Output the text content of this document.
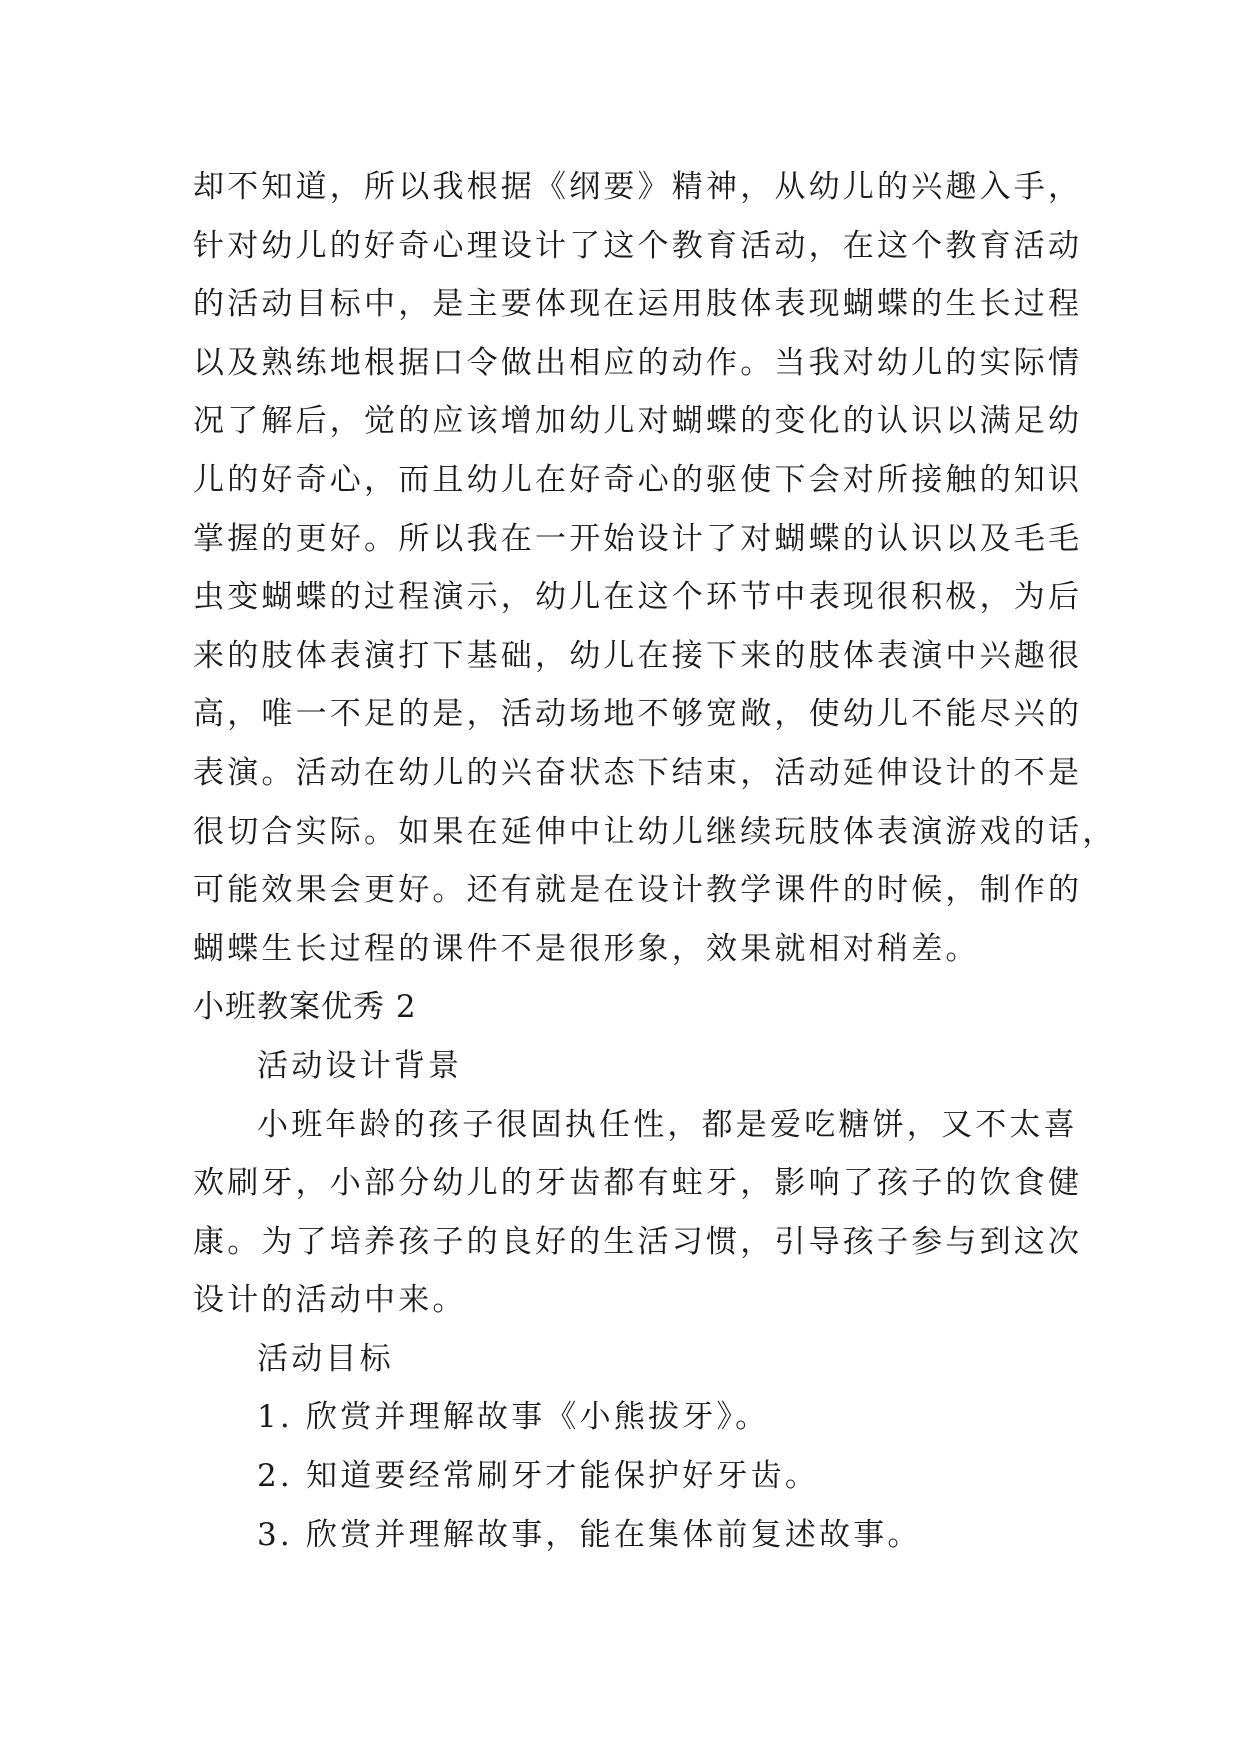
却不知道，所以我根据《纲要》精神，从幼儿的兴趣入手，
针对幼儿的好奇心理设计了这个教育活动，在这个教育活动
的活动目标中，是主要体现在运用肢体表现蝴蝶的生长过程
以及熟练地根据口令做出相应的动作。当我对幼儿的实际情
况了解后，觉的应该增加幼儿对蝴蝶的变化的认识以满足幼
儿的好奇心，而且幼儿在好奇心的驱使下会对所接触的知识
掌握的更好。所以我在一开始设计了对蝴蝶的认识以及毛毛
虫变蝴蝶的过程演示，幼儿在这个环节中表现很积极，为后
来的肢体表演打下基础，幼儿在接下来的肢体表演中兴趣很
高，唯一不足的是，活动场地不够宽敞，使幼儿不能尽兴的
表演。活动在幼儿的兴奋状态下结束，活动延伸设计的不是
很切合实际。如果在延伸中让幼儿继续玩肢体表演游戏的话，
可能效果会更好。还有就是在设计教学课件的时候，制作的
蝴蝶生长过程的课件不是很形象，效果就相对稍差。
小班教案优秀 2
活动设计背景
小班年龄的孩子很固执任性，都是爱吃糖饼，又不太喜
欢刷牙，小部分幼儿的牙齿都有蛀牙，影响了孩子的饮食健
康。为了培养孩子的良好的生活习惯，引导孩子参与到这次
设计的活动中来。
活动目标
1. 欣赏并理解故事《小熊拔牙》。
2. 知道要经常刷牙才能保护好牙齿。
3. 欣赏并理解故事，能在集体前复述故事。
